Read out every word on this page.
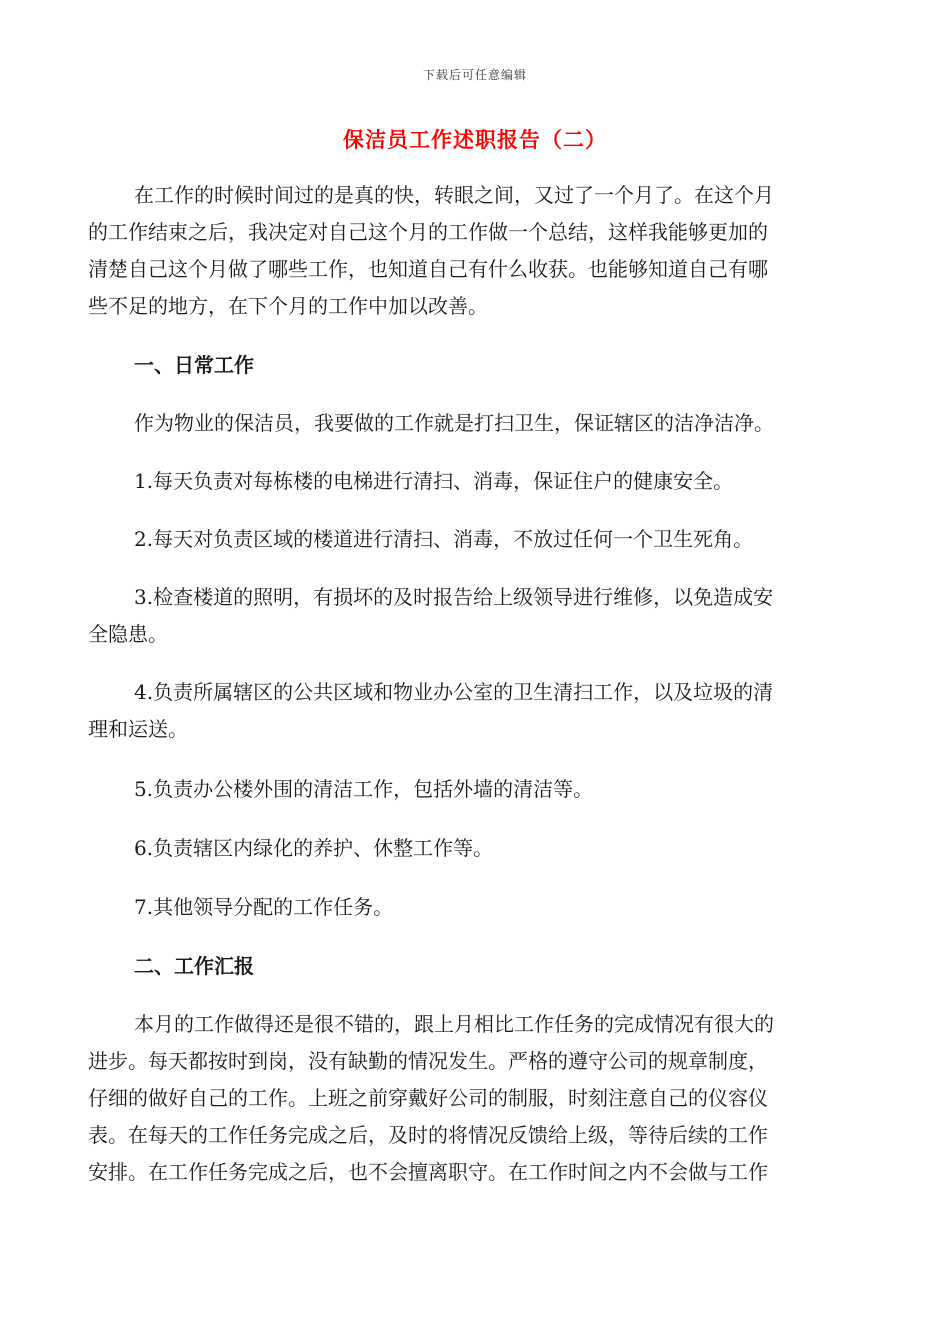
下载后可任意编辑
保洁员工作述职报告（二）
在工作的时候时间过的是真的快，转眼之间，又过了一个月了。在这个月
的工作结束之后，我决定对自己这个月的工作做一个总结，这样我能够更加的
清楚自己这个月做了哪些工作，也知道自己有什么收获。也能够知道自己有哪
些不足的地方，在下个月的工作中加以改善。
一、日常工作
作为物业的保洁员，我要做的工作就是打扫卫生，保证辖区的洁净洁净。
1.每天负责对每栋楼的电梯进行清扫、消毒，保证住户的健康安全。
2.每天对负责区域的楼道进行清扫、消毒，不放过任何一个卫生死角。
3.检查楼道的照明，有损坏的及时报告给上级领导进行维修，以免造成安
全隐患。
4.负责所属辖区的公共区域和物业办公室的卫生清扫工作，以及垃圾的清
理和运送。
5.负责办公楼外围的清洁工作，包括外墙的清洁等。
6.负责辖区内绿化的养护、休整工作等。
7.其他领导分配的工作任务。
二、工作汇报
本月的工作做得还是很不错的，跟上月相比工作任务的完成情况有很大的
进步。每天都按时到岗，没有缺勤的情况发生。严格的遵守公司的规章制度，
仔细的做好自己的工作。上班之前穿戴好公司的制服，时刻注意自己的仪容仪
表。在每天的工作任务完成之后，及时的将情况反馈给上级，等待后续的工作
安排。在工作任务完成之后，也不会擅离职守。在工作时间之内不会做与工作
